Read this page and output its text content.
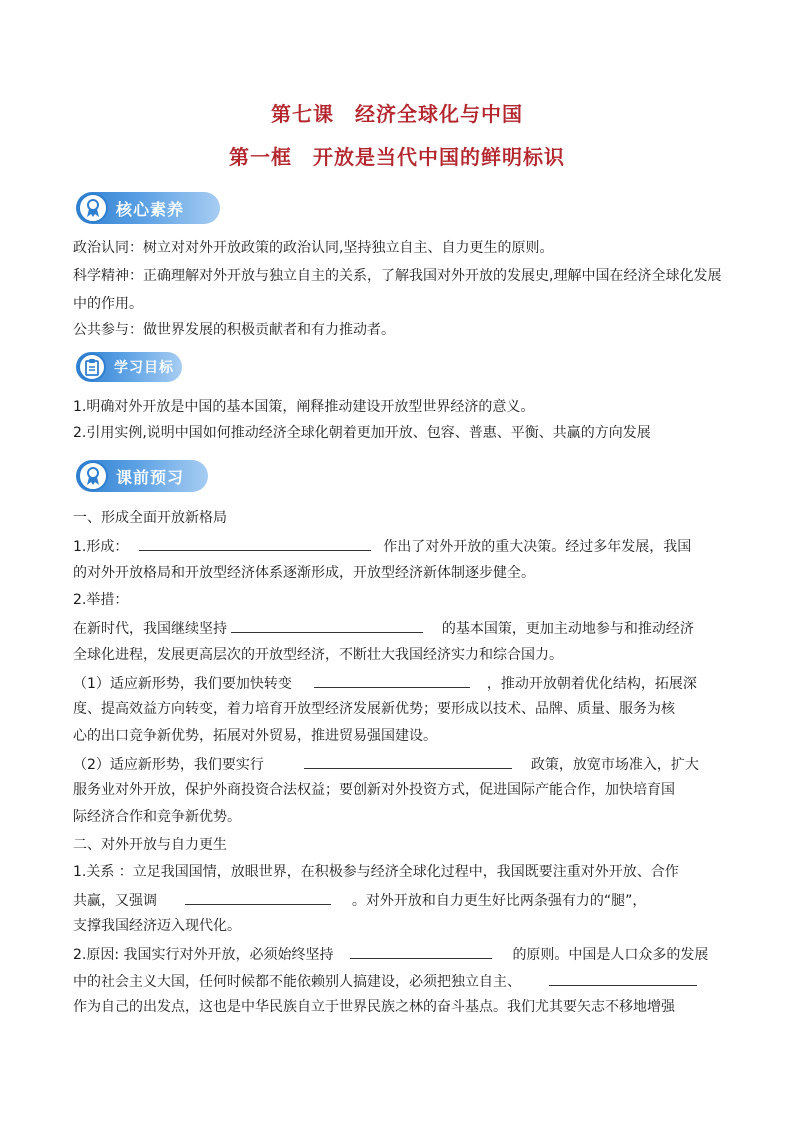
第七课　经济全球化与中国
第一框　开放是当代中国的鲜明标识
核心素养
政治认同：树立对对外开放政策的政治认同,坚持独立自主、自力更生的原则。
科学精神：正确理解对外开放与独立自主的关系，了解我国对外开放的发展史,理解中国在经济全球化发展
中的作用。
公共参与：做世界发展的积极贡献者和有力推动者。
学习目标
1.明确对外开放是中国的基本国策，阐释推动建设开放型世界经济的意义。
2.引用实例,说明中国如何推动经济全球化朝着更加开放、包容、普惠、平衡、共赢的方向发展
课前预习
一、形成全面开放新格局
1.形成：	作出了对外开放的重大决策。经过多年发展，我国
的对外开放格局和开放型经济体系逐渐形成，开放型经济新体制逐步健全。
2.举措：
在新时代，我国继续坚持	的基本国策，更加主动地参与和推动经济
全球化进程，发展更高层次的开放型经济，不断壮大我国经济实力和综合国力。
（1）适应新形势，我们要加快转变	，推动开放朝着优化结构，拓展深
度、提高效益方向转变，着力培育开放型经济发展新优势；要形成以技术、品牌、质量、服务为核
心的出口竞争新优势，拓展对外贸易，推进贸易强国建设。
（2）适应新形势，我们要实行	政策，放宽市场准入，扩大
服务业对外开放，保护外商投资合法权益；要创新对外投资方式，促进国际产能合作，加快培育国
际经济合作和竞争新优势。
二、对外开放与自力更生
1.关系 ：立足我国国情，放眼世界，在积极参与经济全球化过程中，我国既要注重对外开放、合作
共赢，又强调	。对外开放和自力更生好比两条强有力的“腿”，
支撑我国经济迈入现代化。
2.原因: 我国实行对外开放，必须始终坚持	的原则。中国是人口众多的发展
中的社会主义大国，任何时候都不能依赖别人搞建设，必须把独立自主、
作为自己的出发点，这也是中华民族自立于世界民族之林的奋斗基点。我们尤其要矢志不移地增强
